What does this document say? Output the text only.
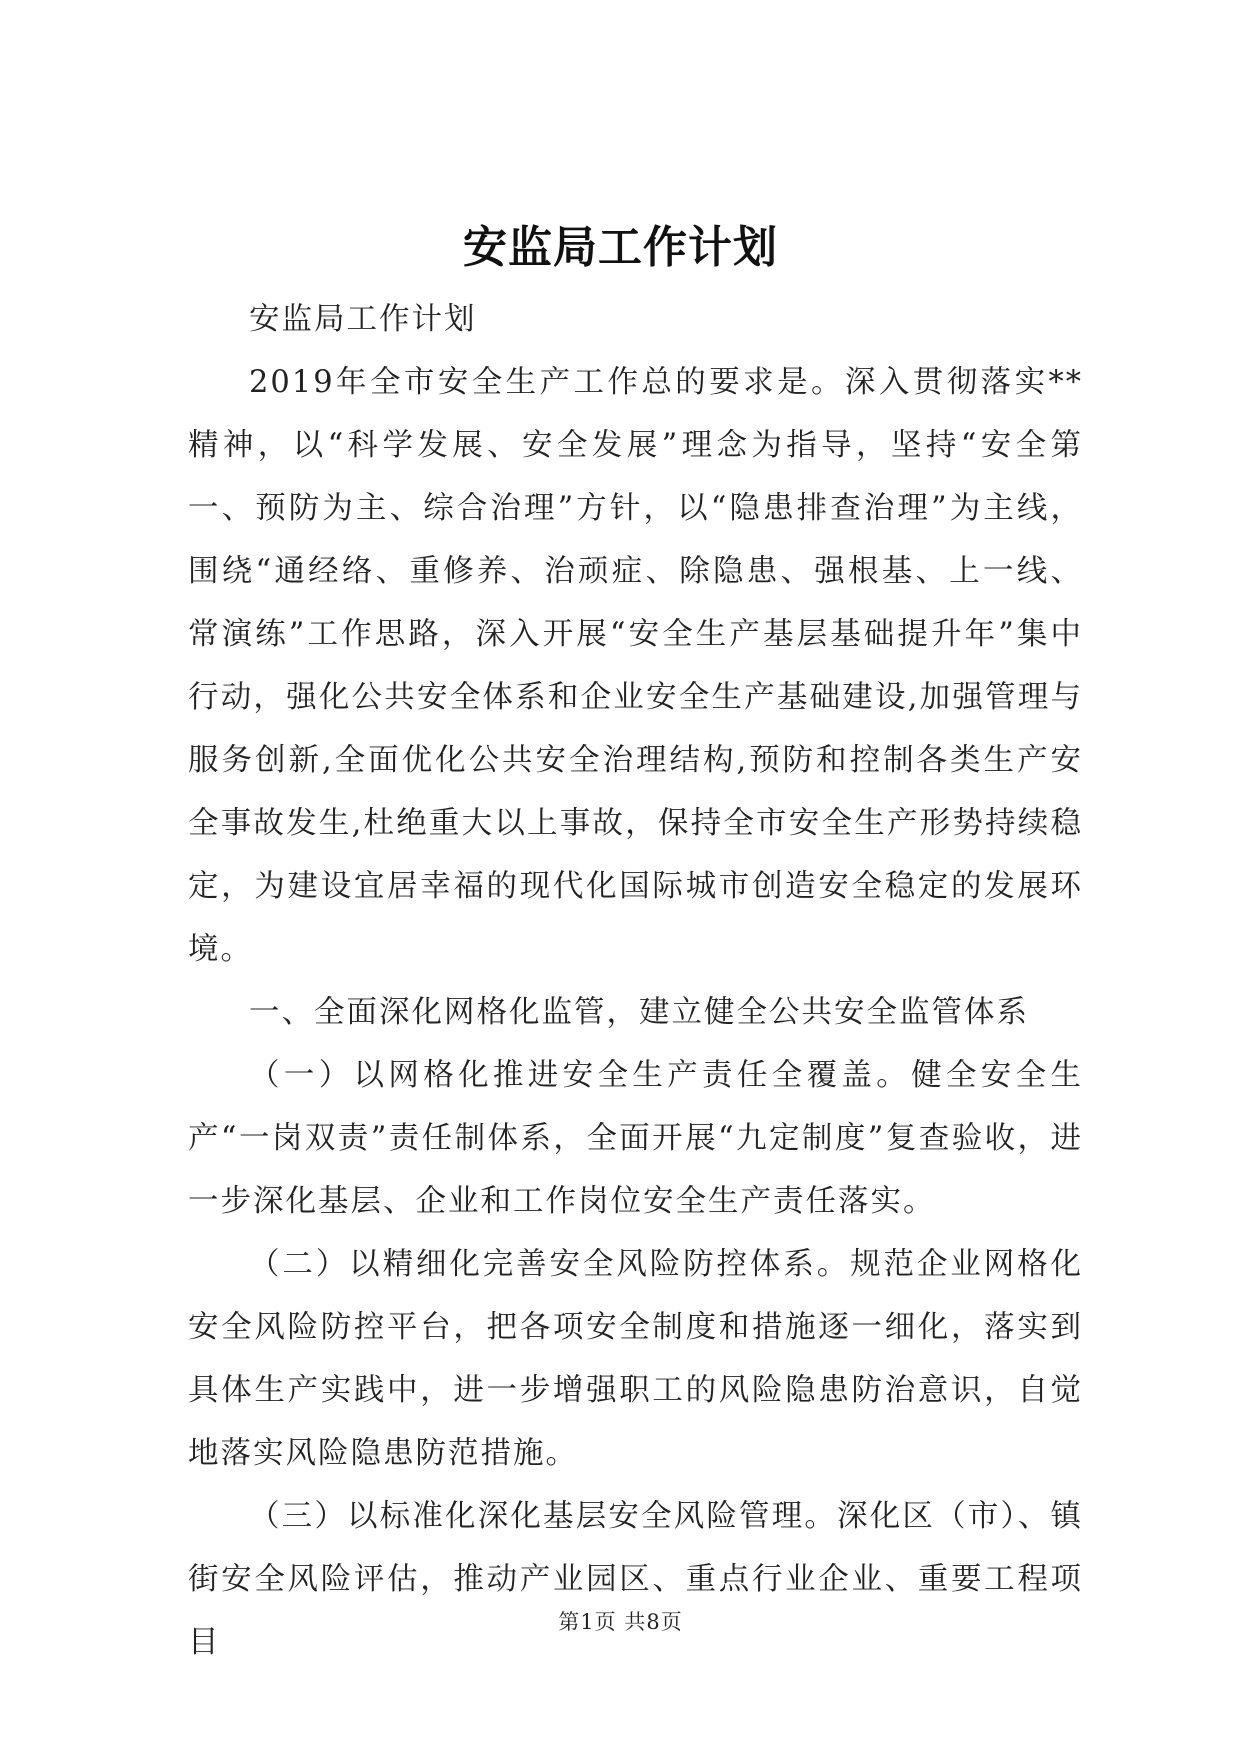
安监局工作计划

安监局工作计划

2019年全市安全生产工作总的要求是。深入贯彻落实**精神，以“科学发展、安全发展”理念为指导，坚持“安全第一、预防为主、综合治理”方针，以“隐患排查治理”为主线，围绕“通经络、重修养、治顽症、除隐患、强根基、上一线、常演练”工作思路，深入开展“安全生产基层基础提升年”集中行动，强化公共安全体系和企业安全生产基础建设,加强管理与服务创新,全面优化公共安全治理结构,预防和控制各类生产安全事故发生,杜绝重大以上事故，保持全市安全生产形势持续稳定，为建设宜居幸福的现代化国际城市创造安全稳定的发展环境。

一、全面深化网格化监管，建立健全公共安全监管体系

（一）以网格化推进安全生产责任全覆盖。健全安全生产“一岗双责”责任制体系，全面开展“九定制度”复查验收，进一步深化基层、企业和工作岗位安全生产责任落实。

（二）以精细化完善安全风险防控体系。规范企业网格化安全风险防控平台，把各项安全制度和措施逐一细化，落实到具体生产实践中，进一步增强职工的风险隐患防治意识，自觉地落实风险隐患防范措施。

（三）以标准化深化基层安全风险管理。深化区（市）、镇街安全风险评估，推动产业园区、重点行业企业、重要工程项目

第1页 共8页
